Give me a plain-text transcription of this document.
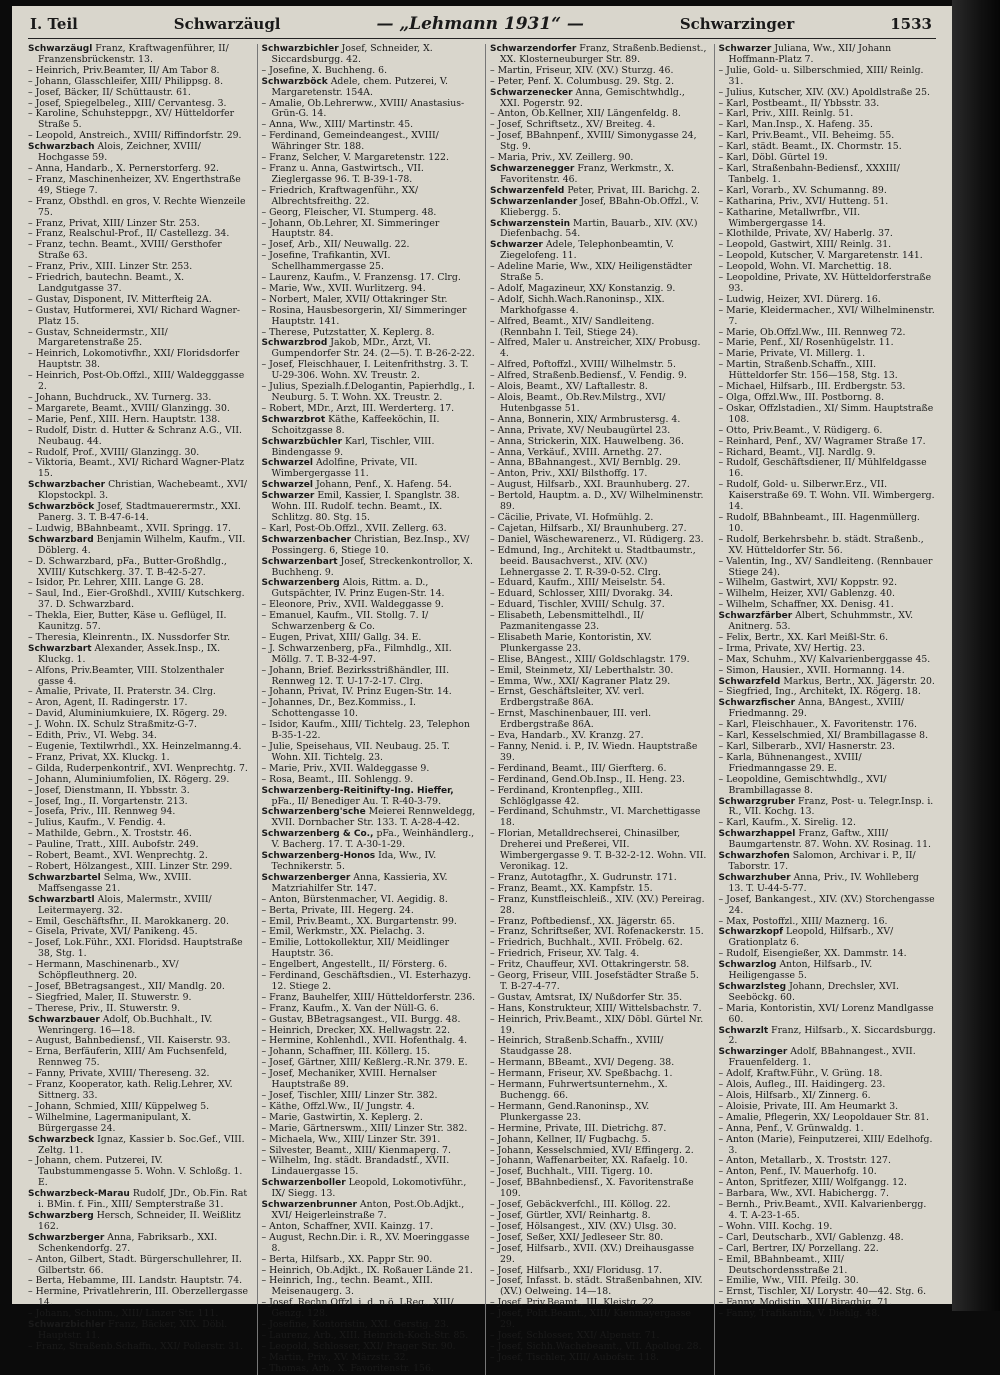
I. Teil	Schwarzäugl	— „Lehmann 1931“ —	Schwarzinger	1533

Schwarzäugl Franz, Kraftwagenführer, II/ Franzensbrückenstr. 13.

– Heinrich, Priv.Beamter, II/ Am Tabor 8.

– Johann, Glasschleifer, XIII/ Philippsg. 8.

– Josef, Bäcker, II/ Schüttaustr. 61.

– Josef, Spiegelbeleg., XIII/ Cervantesg. 3.

– Karoline, Schuhsteppgr., XV/ Hütteldorfer Straße 5.

– Leopold, Anstreich., XVIII/ Riffindorfstr. 29.

Schwarzbach Alois, Zeichner, XVIII/ Hochgasse 59.

– Anna, Handarb., X. Pernerstorferg. 92.

– Franz, Maschinenheizer, XV. Engerthstraße 49, Stiege 7.

– Franz, Obsthdl. en gros, V. Rechte Wienzeile 75.

– Franz, Privat, XIII/ Linzer Str. 253.

– Franz, Realschul-Prof., II/ Castellezg. 34.

– Franz, techn. Beamt., XVIII/ Gersthofer Straße 63.

– Franz, Priv., XIII. Linzer Str. 253.

– Friedrich, bautechn. Beamt., X. Landgutgasse 37.

– Gustav, Disponent, IV. Mitterfteig 2A.

– Gustav, Hutformerei, XVI/ Richard Wagner-Platz 15.

– Gustav, Schneidermstr., XII/ Margaretenstraße 25.

– Heinrich, Lokomotivfhr., XXI/ Floridsdorfer Hauptstr. 38.

– Heinrich, Post-Ob.Offzl., XIII/ Waldegggasse 2.

– Johann, Buchdruck., XV. Turnerg. 33.

– Margarete, Beamt., XVIII/ Glanzingg. 30.

– Marie, Penf., XIII. Hern. Hauptstr. 138.

– Rudolf, Distr. d. Hutter & Schranz A.G., VII. Neubaug. 44.

– Rudolf, Prof., XVIII/ Glanzingg. 30.

– Viktoria, Beamt., XVI/ Richard Wagner-Platz 15.

Schwarzbacher Christian, Wachebeamt., XVI/ Klopstockpl. 3.

Schwarzböck Josef, Stadtmauerermstr., XXI. Panerg. 3. T. B-47-6-14.

– Ludwig, BBahnbeamt., XVII. Springg. 17.

Schwarzbard Benjamin Wilhelm, Kaufm., VII. Döblerg. 4.

– D. Schwarzbard, pFa., Butter-Großhdlg., XVIII/ Kutschkerg. 37. T. B-42-5-27.

– Isidor, Pr. Lehrer, XIII. Lange G. 28.

– Saul, Ind., Eier-Großhdl., XVIII/ Kutschkerg. 37. D. Schwarzbard.

– Thekla, Eier, Butter, Käse u. Geflügel, II. Kaunitzg. 57.

– Theresia, Kleinrentn., IX. Nussdorfer Str.

Schwarzbart Alexander, Assek.Insp., IX. Kluckg. 1.

– Alfons, Priv.Beamter, VIII. Stolzenthaler gasse 4.

– Amalie, Private, II. Praterstr. 34. Clrg.

– Aron, Agent, II. Radingerstr. 17.

– David, Aluminiumkuiere, IX. Rögerg. 29.

– J. Wohn. IX. Schulz Straßmitz-G-7.

– Edith, Priv., VI. Webg. 34.

– Eugenie, Textilwrhdl., XX. Heinzelmanng.4.

– Franz, Privat, XX. Kluckg. 1.

– Gilda, Ruderpenkontrif., XVI. Wenprechtg. 7.

– Johann, Aluminiumfolien, IX. Rögerg. 29.

– Josef, Dienstmann, II. Ybbsstr. 3.

– Josef, Ing., II. Vorgartenstr. 213.

– Josefa, Priv., III. Rennweg 94.

– Julius, Kaufm., V. Fendig. 4.

– Mathilde, Gebrn., X. Troststr. 46.

– Pauline, Tratt., XIII. Aubofstr. 249.

– Robert, Beamt., XVI. Wenprechtg. 2.

– Robert, Hölzangest., XIII. Linzer Str. 299.

Schwarzbartel Selma, Ww., XVIII. Maffsengasse 21.

Schwarzbartl Alois, Malermstr., XVIII/ Leitermayerg. 32.

– Emil, Geschäftsfhr., II. Marokkanerg. 20.

– Gisela, Private, XVI/ Panikeng. 45.

– Josef, Lok.Führ., XXI. Floridsd. Hauptstraße 38, Stg. 1.

– Hermann, Maschinenarb., XV/ Schöpfleuthnerg. 20.

– Josef, BBetragsangest., XII/ Mandlg. 20.

– Siegfried, Maler, II. Stuwerstr. 9.

– Therese, Priv., II. Stuwerstr. 9.

Schwarzbauer Adolf, Ob.Buchhalt., IV. Wenringerg. 16—18.

– August, Bahnbediensf., VII. Kaiserstr. 93.

– Erna, Berfäuferin, XIII/ Am Fuchsenfeld, Rennweg 75.

– Fanny, Private, XVIII/ Thereseng. 32.

– Franz, Kooperator, kath. Relig.Lehrer, XV. Sittnerg. 33.

– Johann, Schmied, XIII/ Küppelweg 5.

– Wilhelmine, Lagermanipulant, X. Bürgergasse 24.

Schwarzbeck Ignaz, Kassier b. Soc.Gef., VIII. Zeltg. 11.

– Johann, chem. Putzerei, IV. Taubstummengasse 5. Wohn. V. Schloßg. 1. E.

Schwarzbeck-Marau Rudolf, JDr., Ob.Fin. Rat i. BMin. f. Fin., XIII/ Sempterstraße 31.

Schwarzberg Hersch, Schneider, II. Weißlitz 162.

Schwarzberger Anna, Fabriksarb., XXI. Schenkendorfg. 27.

– Anton, Gilbert, Stadt. Bürgerschullehrer, II. Gilbertstr. 66.

– Berta, Hebamme, III. Landstr. Hauptstr. 74.

– Hermine, Privatlehrerin, III. Oberzellergasse 14.

– Johann, Schuhm., XIII/ Linzer Str. 111.

Schwarzbichler Franz, Bäcker, XIX. Döbl. Hauptstr. 11.

– Franz, Straßenb.Schaffn., XXI/ Pollerstr. 31.

Schwarzbichler Josef, Schneider, X. Siccardsburgg. 42.

– Josefine, X. Buchheng. 6.

Schwarzböck Adele, chem. Putzerei, V. Margaretenstr. 154A.

– Amalie, Ob.Lehrerww., XVIII/ Anastasius-Grün-G. 14.

– Anna, Ww., XIII/ Martinstr. 45.

– Ferdinand, Gemeindeangest., XVIII/ Währinger Str. 188.

– Franz, Selcher, V. Margaretenstr. 122.

– Franz u. Anna, Gastwirtsch., VII. Zieglergasse 96. T. B-39-1-78.

– Friedrich, Kraftwagenführ., XX/ Albrechtsfreithg. 22.

– Georg, Fleischer, VI. Stumperg. 48.

– Johann, Ob.Lehrer, XI. Simmeringer Hauptstr. 84.

– Josef, Arb., XII/ Neuwallg. 22.

– Josefine, Trafikantin, XVI. Schellhammergasse 25.

– Laurenz, Kaufm., V. Franzensg. 17. Clrg.

– Marie, Ww., XVII. Wurlitzerg. 94.

– Norbert, Maler, XVII/ Ottakringer Str.

– Rosina, Hausbesorgerin, XI/ Simmeringer Hauptstr. 141.

– Therese, Putzstatter, X. Keplerg. 8.

Schwarzbrod Jakob, MDr., Arzt, VI. Gumpendorfer Str. 24. (2—5). T. B-26-2-22.

– Josef, Fleischhauer, I. Leitenfrithstrg. 3. T. U-29-306. Wohn. XV. Treustr. 2.

– Julius, Spezialh.f.Delogantin, Papierhdlg., I. Neuburg. 5. T. Wohn. XX. Treustr. 2.

– Robert, MDr., Arzt, III. Werderterg. 17.

Schwarzbrot Käthe, Kaffeeköchin, II. Schoitzgasse 8.

Schwarzbüchler Karl, Tischler, VIII. Bindengasse 9.

Schwarzel Adolfine, Private, VII. Wimbergergasse 11.

Schwarzel Johann, Penf., X. Hafeng. 54.

Schwarzer Emil, Kassier, I. Spanglstr. 38. Wohn. III. Rudolf. techn. Beamt., IX. Schlitzg. 80. Stg. 15.

– Karl, Post-Ob.Offzl., XVII. Zellerg. 63.

Schwarzenbacher Christian, Bez.Insp., XV/ Possingerg. 6, Stiege 10.

Schwarzenbart Josef, Streckenkontrollor, X. Buchheng. 9.

Schwarzenberg Alois, Rittm. a. D., Gutspächter, IV. Prinz Eugen-Str. 14.

– Eleonore, Priv., XVII. Waldeggasse 9.

– Emanuel, Kaufm., VII. Stollg. 7. I/ Schwarzenberg & Co.

– Eugen, Privat, XIII/ Gallg. 34. E.

– J. Schwarzenberg, pFa., Filmhdlg., XII. Möllg. 7. T. B-32-4-97.

– Johann, Brief. Bezirksstrißhändler, III. Rennweg 12. T. U-17-2-17. Clrg.

– Johann, Privat, IV. Prinz Eugen-Str. 14.

– Johannes, Dr., Bez.Kommiss., I. Schottengasse 10.

– Isidor, Kaufm., XIII/ Tichtelg. 23, Telephon B-35-1-22.

– Julie, Speisehaus, VII. Neubaug. 25. T. Wohn. XII. Tichtelg. 23.

– Marie, Priv., XVII. Waldeggasse 9.

– Rosa, Beamt., III. Sohlengg. 9.

Schwarzenberg-Reitinifty-Ing. Hieffer, pFa., II/ Benediger Au. T. R-40-3-79.

Schwarzenberg'sche Meierei Rennweldegg, XVII. Dornbacher Str. 133. T. A-28-4-42.

Schwarzenberg & Co., pFa., Weinhändlerg., V. Bacherg. 17. T. A-30-1-29.

Schwarzenberg-Honos Ida, Ww., IV. Technikerstr. 5.

Schwarzenberger Anna, Kassieria, XV. Matzriahilfer Str. 147.

– Anton, Bürstenmacher, VI. Aegidig. 8.

– Berta, Private, III. Hegerg. 24.

– Emil, Priv.Beamt., XX. Burgartenstr. 99.

– Emil, Werkmstr., XX. Pielachg. 3.

– Emilie, Lottokollektur, XII/ Meidlinger Hauptstr. 36.

– Engelbert, Angestellt., II/ Försterg. 6.

– Ferdinand, Geschäftsdien., VI. Esterhazyg. 12. Stiege 2.

– Franz, Bauhelfer, XIII/ Hütteldorferstr. 236.

– Franz, Kaufm., X. Van der Nüll-G. 6.

– Gustav, BBetragsangest., VII. Burgg. 48.

– Heinrich, Drecker, XX. Hellwagstr. 22.

– Hermine, Kohlenhdl., XVII. Hofenthalg. 4.

– Johann, Schaffner, III. Köllerg. 15.

– Josef, Gärtner, XIII/ Keßlerg.-R.Nr. 379. E.

– Josef, Mechaniker, XVIII. Hernalser Hauptstraße 89.

– Josef, Tischler, XIII/ Linzer Str. 382.

– Käthe, Offzl.Ww., II/ Jungstr. 4.

– Marie, Gastwirtin, X. Keplerg. 2.

– Marie, Gärtnerswm., XIII/ Linzer Str. 382.

– Michaela, Ww., XIII/ Linzer Str. 391.

– Silvester, Beamt., XIII/ Kienmaperg. 7.

– Wilhelm, Ing. städt. Brandadstf., XVII. Lindauergasse 15.

Schwarzenboller Leopold, Lokomotivführ., IX/ Siegg. 13.

Schwarzenbrunner Anton, Post.Ob.Adjkt., XVI/ Heigerleinstraße 7.

– Anton, Schaffner, XVII. Kainzg. 17.

– August, Rechn.Dir. i. R., XV. Moeringgasse 8.

– Berta, Hilfsarb., XX. Pappr Str. 90.

– Heinrich, Ob.Adjkt., IX. Roßauer Lände 21.

– Heinrich, Ing., techn. Beamt., XIII. Meisenaugerg. 3.

– Josef, Rechn.Offzl. i. d. n.ö. LReg., XIII/ Genzg. 128.

– Josefine, Kontoristin, XXI. Gerstig. 23.

– Laurenz, Arb., XIII. Heinrich-Koch-Str. 85.

– Leopold, Schlosser, XXI/ Prager Str. 90.

– Martin, Priv., XV. Märzstr. 32.

– Thomas, Arb., X. Favoritenstr. 156.

Schwarzendorfer Franz, Straßenb.Bedienst., XX. Klosterneuburger Str. 89.

– Martin, Friseur, XIV. (XV.) Sturzg. 46.

– Peter, Penf. X. Columbusg. 29. Stg. 2.

Schwarzenecker Anna, Gemischtwhdlg., XXI. Pogerstr. 92.

– Anton, Ob.Kellner, XII/ Längenfeldg. 8.

– Josef, Schriftsetz., XV/ Breiteg. 4.

– Josef, BBahnpenf., XVIII/ Simonygasse 24, Stg. 9.

– Maria, Priv., XV. Zeillerg. 90.

Schwarzenegger Franz, Werkmstr., X. Favoritenstr. 46.

Schwarzenfeld Peter, Privat, III. Barichg. 2.

Schwarzenlander Josef, BBahn-Ob.Offzl., V. Kliebergg. 5.

Schwarzenstein Martin, Bauarb., XIV. (XV.) Diefenbachg. 54.

Schwarzer Adele, Telephonbeamtin, V. Ziegelofeng. 11.

– Adeline Marie, Ww., XIX/ Heiligenstädter Straße 5.

– Adolf, Magazineur, XX/ Konstanzig. 9.

– Adolf, Sichh.Wach.Ranoninsp., XIX. Markhofgasse 4.

– Alfred, Beamt., XIV/ Sandleiteng. (Rennbahn I. Teil, Stiege 24).

– Alfred, Maler u. Anstreicher, XIX/ Probusg. 4.

– Alfred, Poftoffzl., XVIII/ Wilhelmstr. 5.

– Alfred, Straßenb.Bediensf., V. Fendig. 9.

– Alois, Beamt., XV/ Laftallestr. 8.

– Alois, Beamt., Ob.Rev.Milstrg., XVI/ Hutenbgasse 51.

– Anna, Bonnerin, XIX/ Armbrustersg. 4.

– Anna, Private, XV/ Neubaugürtel 23.

– Anna, Strickerin, XIX. Hauwelbeng. 36.

– Anna, Verkäuf., XVIII. Arnethg. 27.

– Anna, BBahnangest., XVI/ Bernblg. 29.

– Anton, Priv., XXI/ Bilsthoffg. 17.

– August, Hilfsarb., XXI. Braunhuberg. 27.

– Bertold, Hauptm. a. D., XV/ Wilhelminenstr. 89.

– Cäcilie, Private, VI. Hofmühlg. 2.

– Cajetan, Hilfsarb., XI/ Braunhuberg. 27.

– Daniel, Wäschewarenerz., VI. Rüdigerg. 23.

– Edmund, Ing., Architekt u. Stadtbaumstr., beeid. Bausachverst., XIV. (XV.) Lehnergasse 2. T. R-39-0-52. Clrg.

– Eduard, Kaufm., XIII/ Meiselstr. 54.

– Eduard, Schlosser, XIII/ Dvorakg. 34.

– Eduard, Tischler, XVIII/ Schulg. 37.

– Elisabeth, Lebensmittelhdl., II/ Pazmanitengasse 23.

– Elisabeth Marie, Kontoristin, XV. Plunkergasse 23.

– Elise, BAngest., XIII/ Goldschlagstr. 179.

– Emil, Steinmetz, XI/ Leberthalstr. 30.

– Emma, Ww., XXI/ Kagraner Platz 29.

– Ernst, Geschäftsleiter, XV. verl. Erdbergstraße 86A.

– Ernst, Maschinenbauer, III. verl. Erdbergstraße 86A.

– Eva, Handarb., XV. Kranzg. 27.

– Fanny, Nenid. i. P., IV. Wiedn. Hauptstraße 39.

– Ferdinand, Beamt., III/ Gierfterg. 6.

– Ferdinand, Gend.Ob.Insp., II. Heng. 23.

– Ferdinand, Krontenpfleg., XIII. Schlöglgasse 42.

– Ferdinand, Schuhmstr., VI. Marchettigasse 18.

– Florian, Metalldrechserei, Chinasilber, Dreherei und Preßerei, VII. Wimbergergasse 9. T. B-32-2-12. Wohn. VII. Veronikag. 12.

– Franz, Autotagfhr., X. Gudrunstr. 171.

– Franz, Beamt., XX. Kampfstr. 15.

– Franz, Kunstfleischleiß., XIV. (XV.) Pereirag. 28.

– Franz, Poftbediensf., XX. Jägerstr. 65.

– Franz, Schriftseßer, XVI. Rofenackerstr. 15.

– Friedrich, Buchhalt., XVII. Fröbelg. 62.

– Friedrich, Friseur, XV. Talg. 4.

– Fritz, Chauffeur, XVI. Ottakringerstr. 58.

– Georg, Friseur, VIII. Josefstädter Straße 5. T. B-27-4-77.

– Gustav, Amtsrat, IX/ Nußdorfer Str. 35.

– Hans, Konstrukteur, XIII/ Wittelsbachstr. 7.

– Heinrich, Priv.Beamt., XIX/ Döbl. Gürtel Nr. 19.

– Heinrich, Straßenb.Schaffn., XVIII/ Staudgasse 28.

– Hermann, BBeamt., XVI/ Degeng. 38.

– Hermann, Friseur, XV. Speßbachg. 1.

– Hermann, Fuhrwertsunternehm., X. Buchengg. 66.

– Hermann, Gend.Ranoninsp., XV. Plunkergasse 23.

– Hermine, Private, III. Dietrichg. 87.

– Johann, Kellner, II/ Fugbachg. 5.

– Johann, Kesselschmied, XVI/ Effingerg. 2.

– Johann, Waffenarbeiter, XX. Rafaelg. 10.

– Josef, Buchhalt., VIII. Tigerg. 10.

– Josef, BBahnbediensf., X. Favoritenstraße 109.

– Josef, Gebäckverfchl., III. Köllog. 22.

– Josef, Gürtler, XVI/ Reinhartg. 8.

– Josef, Hölsangest., XIV. (XV.) Ulsg. 30.

– Josef, Seßer, XXI/ Jedleseer Str. 80.

– Josef, Hilfsarb., XVII. (XV.) Dreihausgasse 29.

– Josef, Hilfsarb., XXI/ Floridusg. 17.

– Josef, Infasst. b. städt. Straßenbahnen, XIV. (XV.) Oelweing. 14—18.

– Josef, Priv.Beamt., III. Kleistg. 22.

– Josef, Polit.Beamt., XIII/ Kienmayergasse 29.

– Josef, Schlosser, XXI/ Alpenstr. 71.

– Josef, Sichh.Wachebeamt., VII. Apollog. 28.

– Josef, Tischler, XIII/ Aubofstr. 118.

Schwarzer Juliana, Ww., XII/ Johann Hoffmann-Platz 7.

– Julie, Gold- u. Silberschmied, XIII/ Reinlg. 31.

– Julius, Kutscher, XIV. (XV.) Apoldlstraße 25.

– Karl, Postbeamt., II/ Ybbsstr. 33.

– Karl, Priv., XIII. Reinlg. 51.

– Karl, Man.Insp., X. Hafeng. 35.

– Karl, Priv.Beamt., VII. Beheimg. 55.

– Karl, städt. Beamt., IX. Chormstr. 15.

– Karl, Döbl. Gürtel 19.

– Karl, Straßenbahn-Bediensf., XXXIII/ Tanbelg. 1.

– Karl, Vorarb., XV. Schumanng. 89.

– Katharina, Priv., XVI/ Hutteng. 51.

– Katharine, Metallwrfbr., VII. Wimbergergasse 14.

– Klothilde, Private, XV/ Haberlg. 37.

– Leopold, Gastwirt, XIII/ Reinlg. 31.

– Leopold, Kutscher, V. Margaretenstr. 141.

– Leopold, Wohn. VI. Marchettig. 18.

– Leopoldine, Private, XV. Hütteldorferstraße 93.

– Ludwig, Heizer, XVI. Dürerg. 16.

– Marie, Kleidermacher., XVI/ Wilhelminenstr. 7.

– Marie, Ob.Offzl.Ww., III. Rennweg 72.

– Marie, Penf., XI/ Rosenhügelstr. 11.

– Marie, Private, VI. Millerg. 1.

– Martin, Straßenb.Schaffn., XIII. Hütteldorfer Str. 156—158, Stg. 13.

– Michael, Hilfsarb., III. Erdbergstr. 53.

– Olga, Offzl.Ww., III. Postborng. 8.

– Oskar, Offzlstadien., XI/ Simm. Hauptstraße 108.

– Otto, Priv.Beamt., V. Rüdigerg. 6.

– Reinhard, Penf., XV/ Wagramer Straße 17.

– Richard, Beamt., VIJ. Nardlg. 9.

– Rudolf, Geschäftsdiener, II/ Mühlfeldgasse 16.

– Rudolf, Gold- u. Silberwr.Erz., VII. Kaiserstraße 69. T. Wohn. VII. Wimbergerg. 14.

– Rudolf, BBahnbeamt., III. Hagenmüllerg. 10.

– Rudolf, Berkehrsbehr. b. städt. Straßenb., XV. Hütteldorfer Str. 56.

– Valentin, Ing., XV/ Sandleiteng. (Rennbauer Stiege 24).

– Wilhelm, Gastwirt, XVI/ Koppstr. 92.

– Wilhelm, Heizer, XVI/ Gablenzg. 40.

– Wilhelm, Schaffner, XX. Denisg. 41.

Schwarzfärber Albert, Schuhmmstr., XV. Anitnerg. 53.

– Felix, Bertr., XX. Karl Meißl-Str. 6.

– Irma, Private, XV/ Hertig. 23.

– Max, Schuhm., XV/ Kalvarienberggasse 45.

– Simon, Hausier., XVII. Hormanng. 14.

Schwarzfeld Markus, Bertr., XX. Jägerstr. 20.

– Siegfried, Ing., Architekt, IX. Rögerg. 18.

Schwarzfischer Anna, BAngest., XVIII/ Friedmanng. 29.

– Karl, Fleischhauer., X. Favoritenstr. 176.

– Karl, Kesselschmied, XI/ Brambillagasse 8.

– Karl, Silberarb., XVI/ Hasnerstr. 23.

– Karla, Bühnenangest., XVIII/ Friedmanngasse 29. E.

– Leopoldine, Gemischtwhdlg., XVI/ Brambillagasse 8.

Schwarzgruber Franz, Post- u. Telegr.Insp. i. R., VII. Kochg. 13.

– Karl, Kaufm., X. Sirelig. 12.

Schwarzhappel Franz, Gaftw., XIII/ Baumgartenstr. 87. Wohn. XV. Rosinag. 11.

Schwarzhofen Salomon, Archivar i. P., II/ Taborstr. 17.

Schwarzhuber Anna, Priv., IV. Wohlleberg 13. T. U-44-5-77.

– Josef, Bankangest., XIV. (XV.) Storchengasse 24.

– Max, Postoffzl., XIII/ Maznerg. 16.

Schwarzkopf Leopold, Hilfsarb., XV/ Grationplatz 6.

– Rudolf, Eisengießer, XX. Dammstr. 14.

Schwarzlog Anton, Hilfsarb., IV. Heiligengasse 5.

Schwarzlsteg Johann, Drechsler, XVI. Seeböckg. 60.

– Maria, Kontoristin, XVI/ Lorenz Mandlgasse 60.

Schwarzlt Franz, Hilfsarb., X. Siccardsburgg. 2.

Schwarzinger Adolf, BBahnangest., XVII. Frauenfelderg. 1.

– Adolf, Kraftw.Führ., V. Grüng. 18.

– Alois, Aufleg., III. Haidingerg. 23.

– Alois, Hilfsarb., XI/ Zinnerg. 6.

– Aloisie, Private, III. Am Heumarkt 3.

– Amalie, Pflegerin, XX/ Leopoldauer Str. 81.

– Anna, Penf., V. Grünwaldg. 1.

– Anton (Marie), Feinputzerei, XIII/ Edelhofg. 3.

– Anton, Metallarb., X. Troststr. 127.

– Anton, Penf., IV. Mauerhofg. 10.

– Anton, Spritfezer, XIII/ Wolfgangg. 12.

– Barbara, Ww., XVI. Habichergg. 7.

– Bernh., Priv.Beamt., XVII. Kalvarienbergg. 4. T. A-23-1-65.

– Wohn. VIII. Kochg. 19.

– Carl, Deutscharb., XVI/ Gablenzg. 48.

– Carl, Bertrer, IX/ Porzellang. 22.

– Emil, BBahnbeamt., XIII/ Deutschordensstraße 21.

– Emilie, Ww., VIII. Pfeilg. 30.

– Ernst, Tischler, XI/ Lorystr. 40—42. Stg. 6.

– Fanny, Modistin, XIII/ Biraghig. 71.

– Fanny, Trafikantin, V. Diehlg. 48.
